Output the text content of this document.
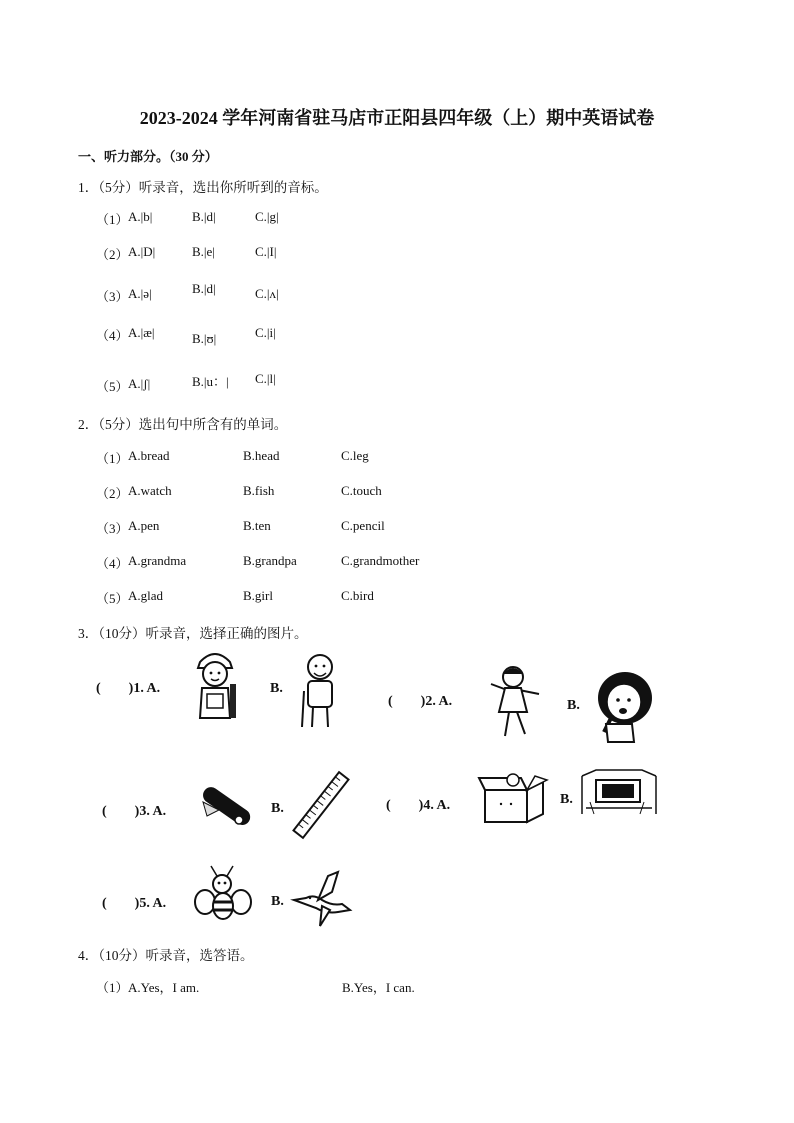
2023-2024 学年河南省驻马店市正阳县四年级（上）期中英语试卷
一、听力部分。（30 分）
1．（5分）听录音，选出你所听到的音标。
（1） A.|b|	B.|d|	C.|g|
（2） A.|D|	B.|e|	C.|I|
（3） A.|ə|	B.|d|	C.|ʌ|
（4） A.|æ|	B.|ʊ|	C.|i|
（5） A.|ʃ|	B.|u：| C.|l|
2．（5分）选出句中所含有的单词。
（1） A.bread	B.head	C.leg
（2） A.watch	B.fish	C.touch
（3） A.pen	B.ten	C.pencil
（4） A.grandma	B.grandpa	C.grandmother
（5） A.glad	B.girl	C.bird
3．（10分）听录音，选择正确的图片。
(　　)1. A.	B.
(　　)2. A.	B.
(　　)3. A.	B.	(　　)4. A.	B.
(　　)5. A.	B.
4．（10分）听录音，选答语。
（1） A.Yes，I am.	B.Yes，I can.
